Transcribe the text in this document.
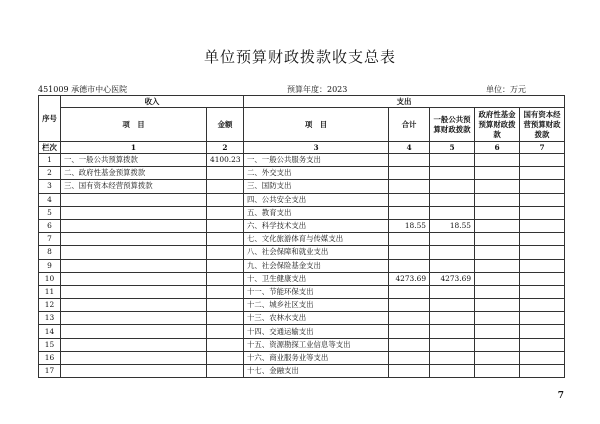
单位预算财政拨款收支总表
451009 承德市中心医院	预算年度：2023	单位：万元
序号	收入		支出				
	项　目	金额	项　目	合计	一般公共预算财政拨款	政府性基金预算财政拨款	国有资本经营预算财政拨款
栏次	1	2	3	4	5	6	7
1	一、一般公共预算拨款	4100.23	一、一般公共服务支出				
2	二、政府性基金预算拨款		二、外交支出				
3	三、国有资本经营预算拨款		三、国防支出				
4			四、公共安全支出				
5			五、教育支出				
6			六、科学技术支出	18.55	18.55		
7			七、文化旅游体育与传媒支出				
8			八、社会保障和就业支出				
9			九、社会保险基金支出				
10			十、卫生健康支出	4273.69	4273.69		
11			十一、节能环保支出				
12			十二、城乡社区支出				
13			十三、农林水支出				
14			十四、交通运输支出				
15			十五、资源勘探工业信息等支出				
16			十六、商业服务业等支出				
17			十七、金融支出				
7
